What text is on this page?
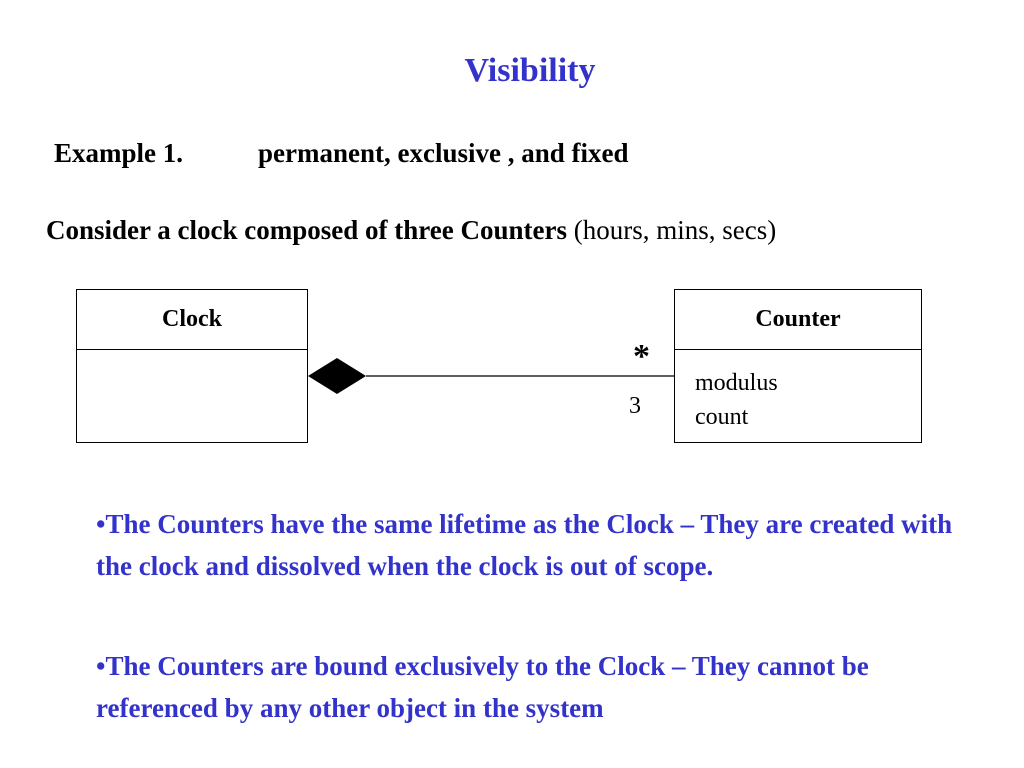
Visibility
Example 1.	permanent, exclusive , and fixed
Consider a clock composed of three Counters (hours, mins, secs)
Clock	Counter
modulus
count
*
3
•The Counters have the same lifetime as the Clock – They are created with the clock and dissolved when the clock is out of scope.
•The Counters are bound exclusively to the Clock – They cannot be referenced by any other object in the system
